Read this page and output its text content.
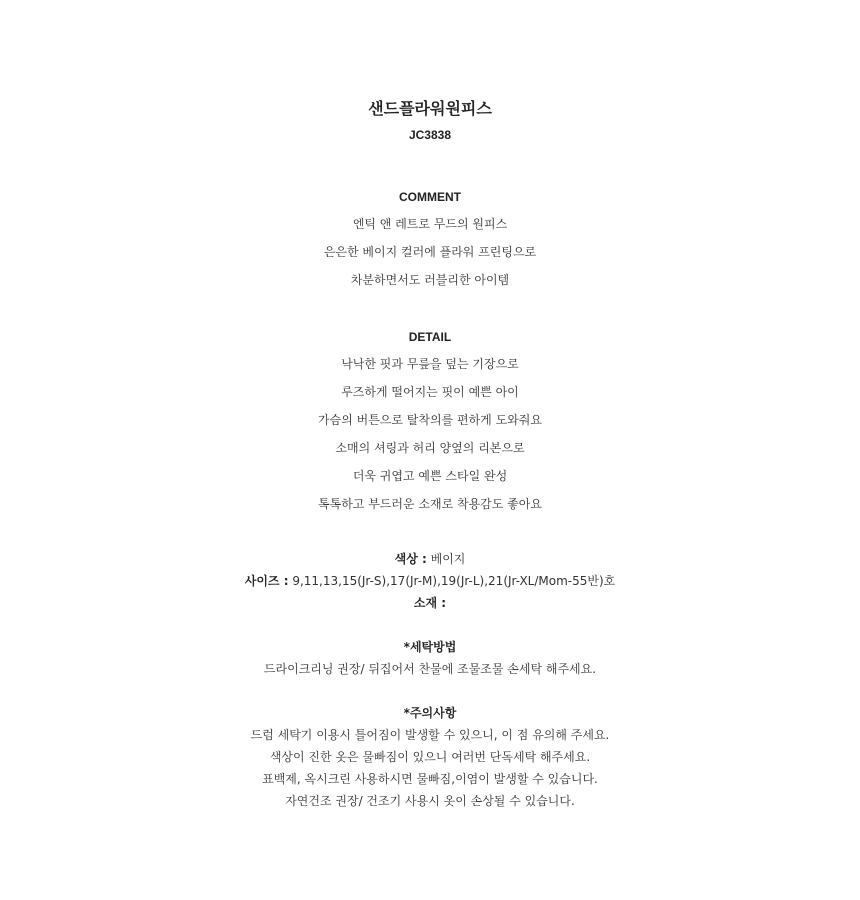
샌드플라워원피스
JC3838
COMMENT
엔틱 앤 레트로 무드의 원피스
은은한 베이지 컬러에 플라워 프린팅으로
차분하면서도 러블리한 아이템
DETAIL
낙낙한 핏과 무릎을 덮는 기장으로
루즈하게 떨어지는 핏이 예쁜 아이
가슴의 버튼으로 탈착의를 편하게 도와줘요
소매의 셔링과 허리 양옆의 리본으로
더욱 귀엽고 예쁜 스타일 완성
톡톡하고 부드러운 소재로 착용감도 좋아요
색상 : 베이지
사이즈 : 9,11,13,15(Jr-S),17(Jr-M),19(Jr-L),21(Jr-XL/Mom-55반)호
소재 :
*세탁방법
드라이크리닝 권장/ 뒤집어서 찬물에 조물조물 손세탁 해주세요.
*주의사항
드럼 세탁기 이용시 틀어짐이 발생할 수 있으니, 이 점 유의해 주세요.
색상이 진한 옷은 물빠짐이 있으니 여러번 단독세탁 해주세요.
표백제, 옥시크린 사용하시면 물빠짐,이염이 발생할 수 있습니다.
자연건조 권장/ 건조기 사용시 옷이 손상될 수 있습니다.
